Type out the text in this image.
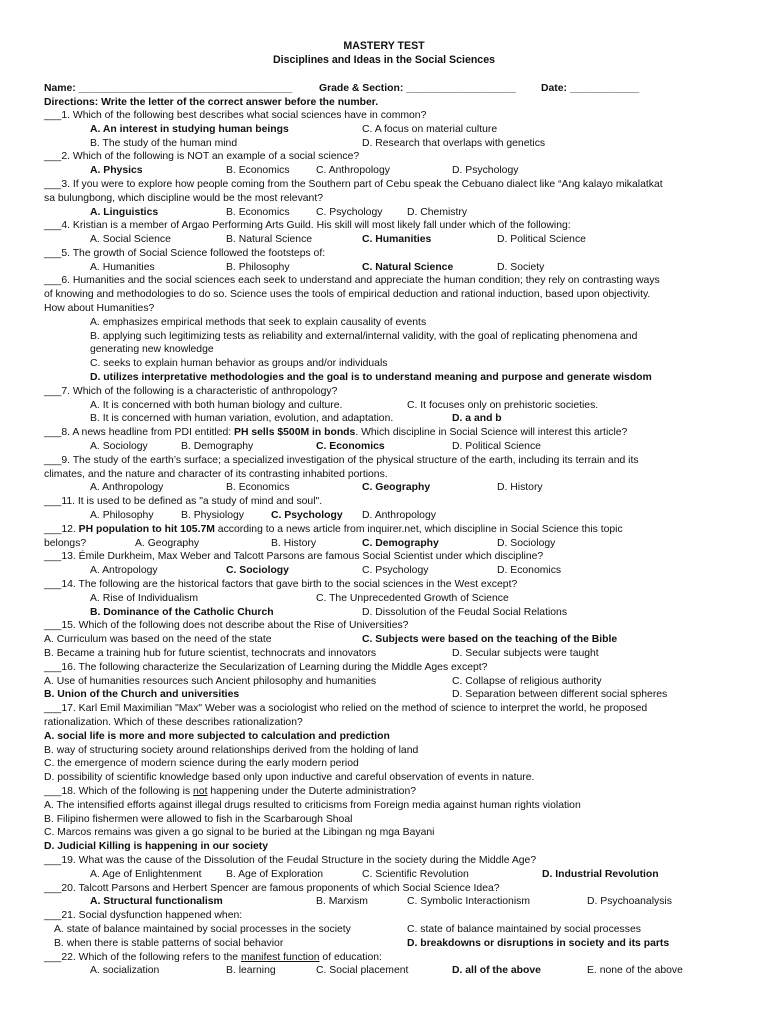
MASTERY TEST
Disciplines and Ideas in the Social Sciences
Name: _____________________________________	Grade & Section: ___________________ Date: ____________
Directions: Write the letter of the correct answer before the number.
___1. Which of the following best describes what social sciences have in common?
A. An interest in studying human beings	C. A focus on material culture
B. The study of the human mind	D. Research that overlaps with genetics
___2. Which of the following is NOT an example of a social science?
A. Physics	B. Economics	C. Anthropology	D. Psychology
___3. If you were to explore how people coming from the Southern part of Cebu speak the Cebuano dialect like “Ang kalayo mikalatkat
sa bulungbong, which discipline would be the most relevant?
A. Linguistics	B. Economics	C. Psychology D. Chemistry
___4. Kristian is a member of Argao Performing Arts Guild. His skill will most likely fall under which of the following:
A. Social Science	B. Natural Science	C. Humanities	D. Political Science
___5. The growth of Social Science followed the footsteps of:
A. Humanities	B. Philosophy	C. Natural Science	D. Society
___6. Humanities and the social sciences each seek to understand and appreciate the human condition; they rely on contrasting ways
of knowing and methodologies to do so. Science uses the tools of empirical deduction and rational induction, based upon objectivity.
How about Humanities?
A. emphasizes empirical methods that seek to explain causality of events
B. applying such legitimizing tests as reliability and external/internal validity, with the goal of replicating phenomena and
generating new knowledge
C. seeks to explain human behavior as groups and/or individuals
D. utilizes interpretative methodologies and the goal is to understand meaning and purpose and generate wisdom
___7. Which of the following is a characteristic of anthropology?
A. It is concerned with both human biology and culture.	C. It focuses only on prehistoric societies.
B. It is concerned with human variation, evolution, and adaptation.	D. a and b
___8. A news headline from PDI entitled: PH sells $500M in bonds. Which discipline in Social Science will interest this article?
A. Sociology	B. Demography	C. Economics	D. Political Science
___9. The study of the earth’s surface; a specialized investigation of the physical structure of the earth, including its terrain and its
climates, and the nature and character of its contrasting inhabited portions.
A. Anthropology	B. Economics	C. Geography	D. History
___11. It is used to be defined as "a study of mind and soul".
A. Philosophy	B. Physiology	C. Psychology D. Anthropology
___12. PH population to hit 105.7M according to a news article from inquirer.net, which discipline in Social Science this topic
belongs?	A. Geography	B. History	C. Demography	D. Sociology
___13. Émile Durkheim, Max Weber and Talcott Parsons are famous Social Scientist under which discipline?
A. Antropology	C. Sociology	C. Psychology	D. Economics
___14. The following are the historical factors that gave birth to the social sciences in the West except?
A. Rise of Individualism	C. The Unprecedented Growth of Science
B. Dominance of the Catholic Church	D. Dissolution of the Feudal Social Relations
___15. Which of the following does not describe about the Rise of Universities?
A. Curriculum was based on the need of the state	C. Subjects were based on the teaching of the Bible
B. Became a training hub for future scientist, technocrats and innovators	D. Secular subjects were taught
___16. The following characterize the Secularization of Learning during the Middle Ages except?
A. Use of humanities resources such Ancient philosophy and humanities	C. Collapse of religious authority
B. Union of the Church and universities	D. Separation between different social spheres
___17. Karl Emil Maximilian "Max" Weber was a sociologist who relied on the method of science to interpret the world, he proposed
rationalization. Which of these describes rationalization?
A. social life is more and more subjected to calculation and prediction
B. way of structuring society around relationships derived from the holding of land
C. the emergence of modern science during the early modern period
D. possibility of scientific knowledge based only upon inductive and careful observation of events in nature.
___18. Which of the following is not happening under the Duterte administration?
A. The intensified efforts against illegal drugs resulted to criticisms from Foreign media against human rights violation
B. Filipino fishermen were allowed to fish in the Scarbarough Shoal
C. Marcos remains was given a go signal to be buried at the Libingan ng mga Bayani
D. Judicial Killing is happening in our society
___19. What was the cause of the Dissolution of the Feudal Structure in the society during the Middle Age?
A. Age of Enlightenment B. Age of Exploration	C. Scientific Revolution	D. Industrial Revolution
___20. Talcott Parsons and Herbert Spencer are famous proponents of which Social Science Idea?
A. Structural functionalism	B. Marxism	C. Symbolic Interactionism	D. Psychoanalysis
___21. Social dysfunction happened when:
A. state of balance maintained by social processes in the society	C. state of balance maintained by social processes
B. when there is stable patterns of social behavior	D. breakdowns or disruptions in society and its parts
___22. Which of the following refers to the manifest function of education:
A. socialization	B. learning	C. Social placement	D. all of the above	E. none of the above
